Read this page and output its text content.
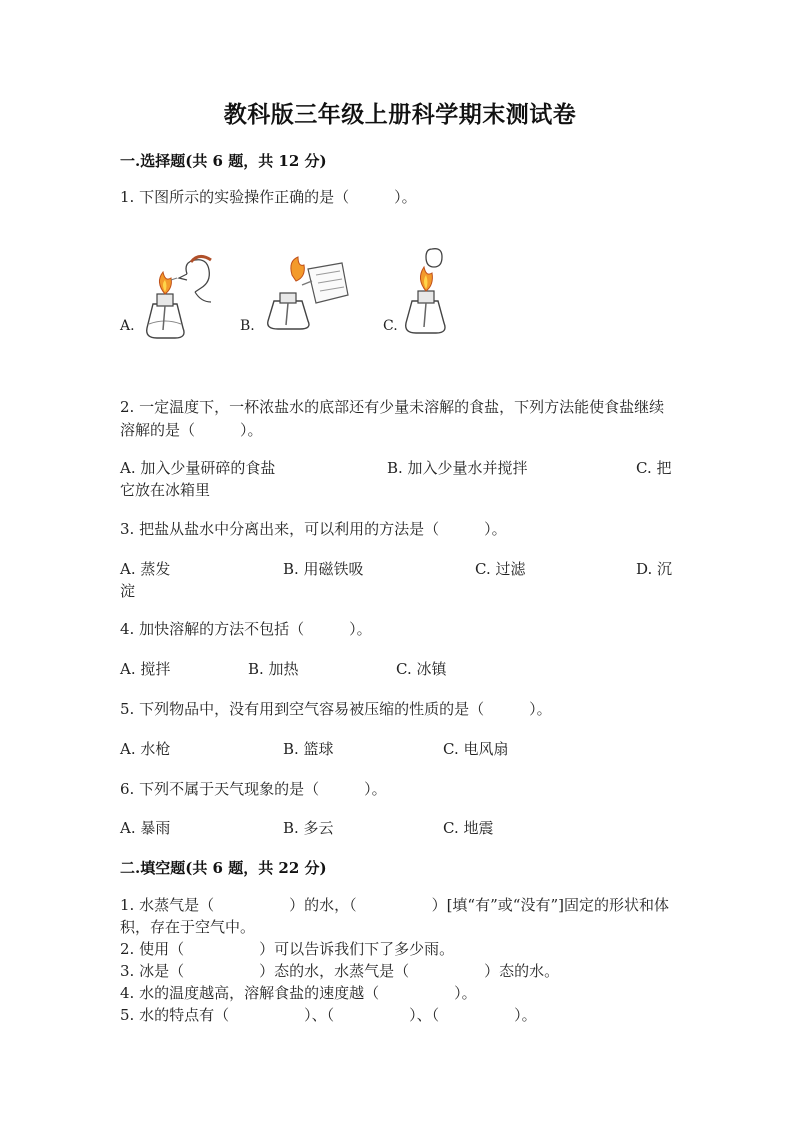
教科版三年级上册科学期末测试卷
一.选择题(共 6 题，共 12 分)
1. 下图所示的实验操作正确的是（　　　）。
A.	B.	C.
2. 一定温度下，一杯浓盐水的底部还有少量未溶解的食盐，下列方法能使食盐继续溶解的是（　　　）。
A. 加入少量研碎的食盐	B. 加入少量水并搅拌	C. 把
它放在冰箱里
3. 把盐从盐水中分离出来，可以利用的方法是（　　　）。
A. 蒸发	B. 用磁铁吸	C. 过滤	D. 沉
淀
4. 加快溶解的方法不包括（　　　）。
A. 搅拌	B. 加热	C. 冰镇
5. 下列物品中，没有用到空气容易被压缩的性质的是（　　　）。
A. 水枪	B. 篮球	C. 电风扇
6. 下列不属于天气现象的是（　　　）。
A. 暴雨	B. 多云	C. 地震
二.填空题(共 6 题，共 22 分)
1. 水蒸气是（　　　　　）的水，（　　　　　）[填“有”或“没有”]固定的形状和体积，存在于空气中。
2. 使用（　　　　　）可以告诉我们下了多少雨。
3. 冰是（　　　　　）态的水，水蒸气是（　　　　　）态的水。
4. 水的温度越高，溶解食盐的速度越（　　　　　）。
5. 水的特点有（　　　　　）、（　　　　　）、（　　　　　）。
